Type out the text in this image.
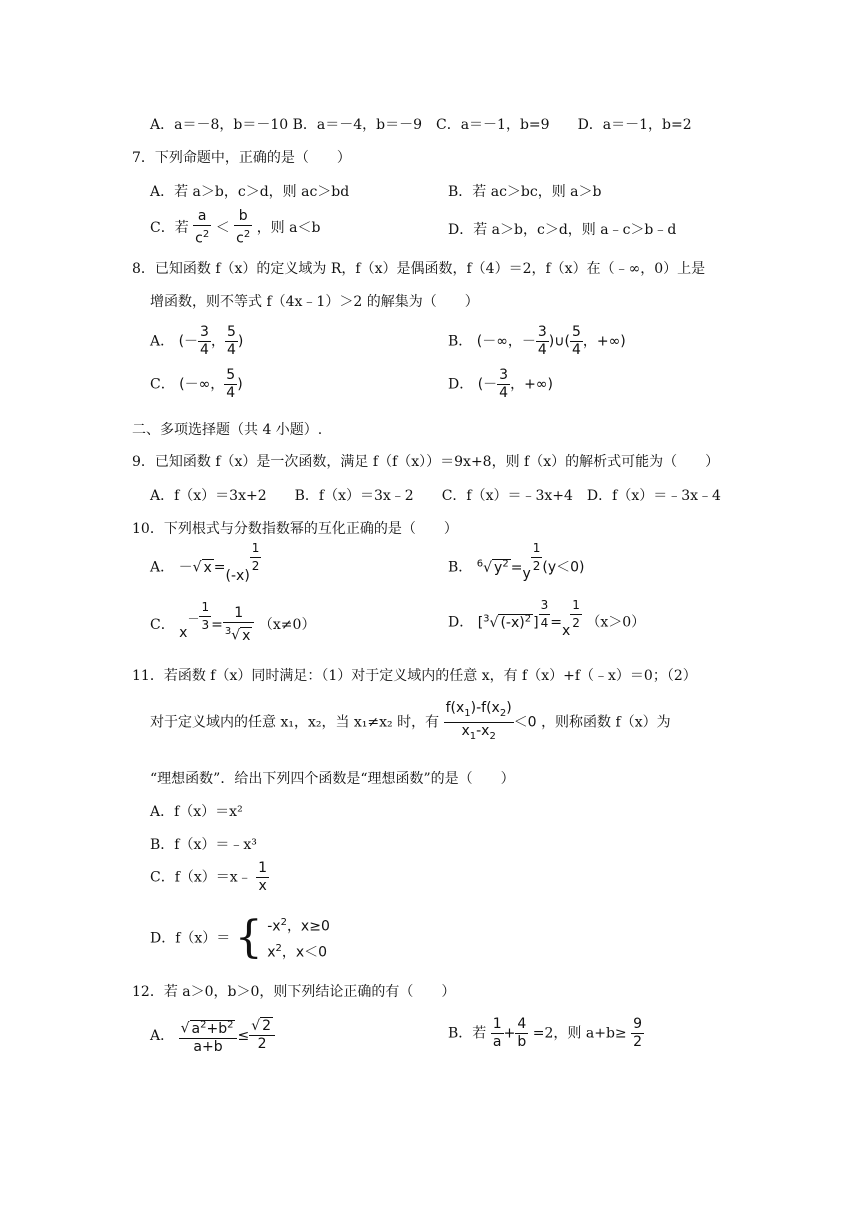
A．a＝－8，b＝－10 B．a＝－4，b＝－9　C．a＝－1，b=9　　D．a＝－1，b=2
7．下列命题中，正确的是（　　）
A．若 a＞b，c＞d，则 ac＞bd	B．若 ac＞bc，则 a＞b
C．若 $\frac{a}{c^2} < \frac{b}{c^2}$ ，则 a＜b	D．若 a＞b，c＞d，则 a﹣c＞b﹣d
8．已知函数 f（x）的定义域为 R，f（x）是偶函数，f（4）＝2，f（x）在（﹣∞，0）上是
增函数，则不等式 f（4x﹣1）＞2 的解集为（　　）
A． (－ $\frac{3}{4}$ ， $\frac{5}{4}$ )	B． (－∞，－ $\frac{3}{4}$ )∪( $\frac{5}{4}$ ，+∞)
C． (－∞， $\frac{5}{4}$ )	D． (－ $\frac{3}{4}$ ，+∞)
二、多项选择题（共 4 小题）.
9．已知函数 f（x）是一次函数，满足 f（f（x））＝9x+8，则 f（x）的解析式可能为（　　）
A．f（x）＝3x+2　　B．f（x）＝3x﹣2　　C．f（x）＝﹣3x+4　D．f（x）＝﹣3x﹣4
10．下列根式与分数指数幂的互化正确的是（　　）
A． －√ x =(-x)
$\frac{1}{2}$	B． $^6$√ $y^2 =y \frac{1}{2} (y<0)$
C． $x- \frac{1}{3} = \frac{1}{^3√ x} (x\ne 0)$	D． [$^3$√ $(-x)^2$ ] $\frac{3}{4} =x \frac{1}{2} (x>0)$
11．若函数 f（x）同时满足：（1）对于定义域内的任意 x，有 f（x）+f（﹣x）＝0；（2）
对于定义域内的任意 x₁，x₂，当 x₁≠x₂ 时，有 $\frac{f(x_1)-f(x_2)}{x_1-x_2} <0$ ，则称函数 f（x）为
“理想函数”．给出下列四个函数是“理想函数”的是（　　）
A．f（x）＝x²
B．f（x）＝﹣x³
C．f（x）＝x﹣ $\frac{1}{x}$
D．f（x）＝ { $-x^2$，x≥0
$x^2$，x＜0
12．若 a＞0，b＞0，则下列结论正确的有（　　）
A． $\frac{√ a^2+b^2}{a+b} \le \frac{√ 2}{2}$	B．若 $\frac{1}{a} + \frac{4}{b} =2$，则 $a+b\ge \frac{9}{2}$
